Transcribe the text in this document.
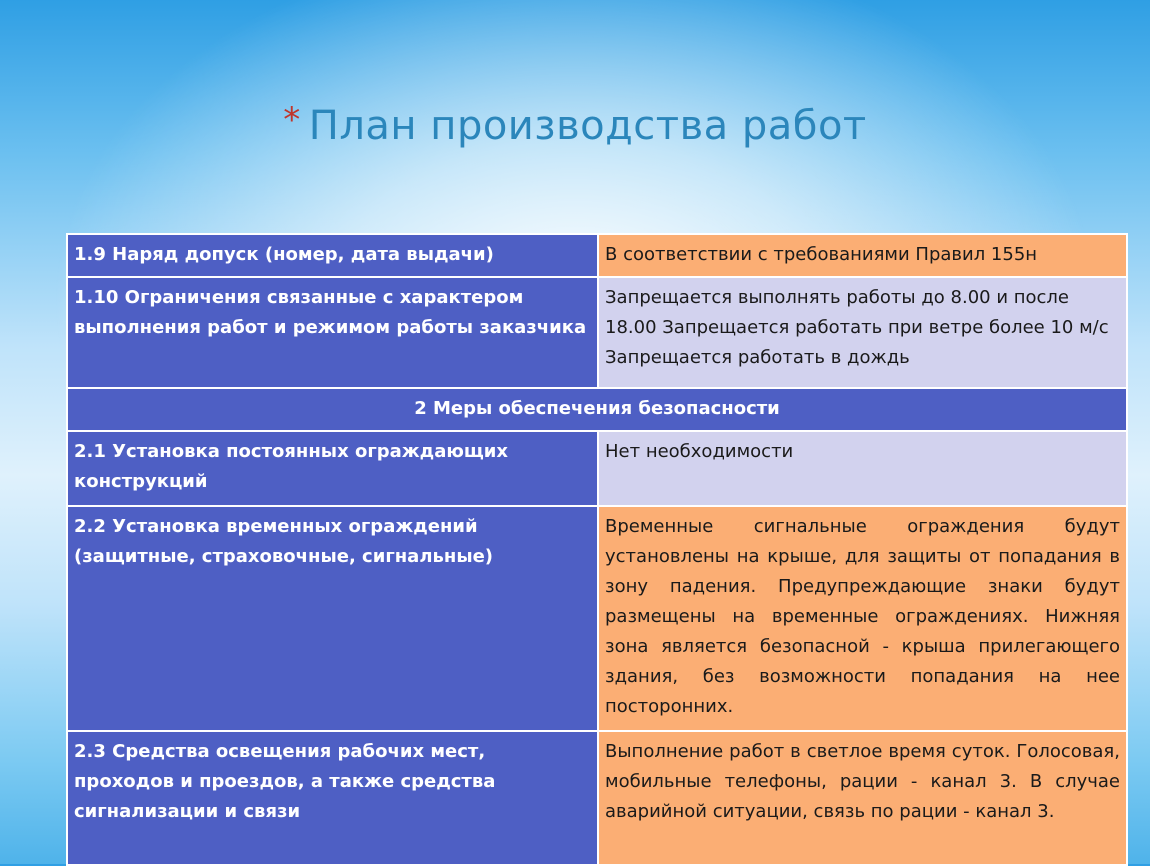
* План производства работ
1.9 Наряд допуск (номер, дата выдачи)	В соответствии с требованиями Правил 155н
1.10 Ограничения связанные с характером выполнения работ и режимом работы заказчика	Запрещается выполнять работы до 8.00 и после 18.00 Запрещается работать при ветре более 10 м/с Запрещается работать в дождь
2 Меры обеспечения безопасности	
2.1 Установка постоянных ограждающих конструкций	Нет необходимости
2.2 Установка временных ограждений (защитные, страховочные, сигнальные)	Временные сигнальные ограждения будут установлены на крыше, для защиты от попадания в зону падения. Предупреждающие знаки будут размещены на временные ограждениях. Нижняя зона является безопасной - крыша прилегающего здания, без возможности попадания на нее посторонних.
2.3 Средства освещения рабочих мест, проходов и проездов, а также средства сигнализации и связи	Выполнение работ в светлое время суток. Голосовая, мобильные телефоны, рации - канал 3. В случае аварийной ситуации, связь по рации - канал 3.
